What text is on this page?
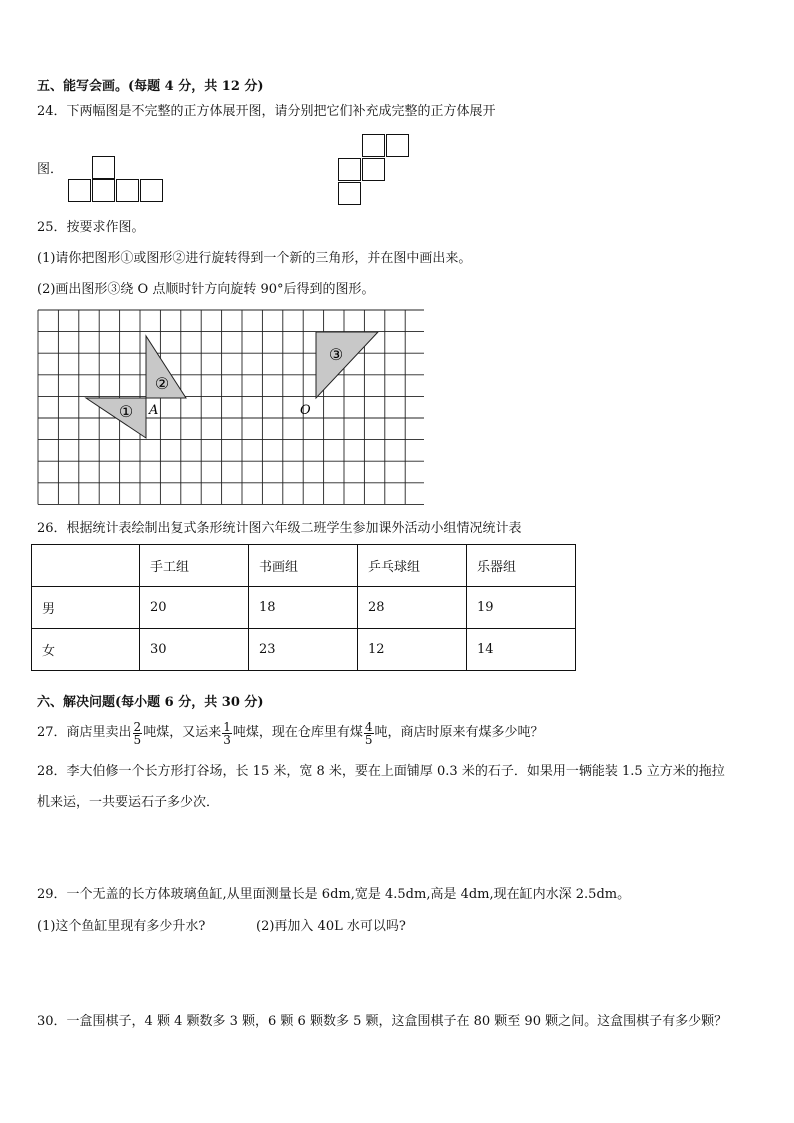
五、能写会画。(每题 4 分，共 12 分)
24．下两幅图是不完整的正方体展开图，请分别把它们补充成完整的正方体展开
图．
25．按要求作图。
(1)请你把图形①或图形②进行旋转得到一个新的三角形，并在图中画出来。
(2)画出图形③绕 O 点顺时针方向旋转 90°后得到的图形。
①
②
③
A	O
26．根据统计表绘制出复式条形统计图六年级二班学生参加课外活动小组情况统计表
	手工组	书画组	乒乓球组	乐器组
男	20	18	28	19
女	30	23	12	14
六、解决问题(每小题 6 分，共 30 分)
27．商店里卖出 $\frac{2}{5}$ 吨煤，又运来 $\frac{1}{3}$ 吨煤，现在仓库里有煤 $\frac{4}{5}$ 吨，商店时原来有煤多少吨？
28．李大伯修一个长方形打谷场，长 15 米，宽 8 米，要在上面铺厚 0.3 米的石子．如果用一辆能装 1.5 立方米的拖拉
机来运，一共要运石子多少次．
29．一个无盖的长方体玻璃鱼缸,从里面测量长是 6dm,宽是 4.5dm,高是 4dm,现在缸内水深 2.5dm。
(1)这个鱼缸里现有多少升水?	(2)再加入 40L 水可以吗?
30．一盒围棋子，4 颗 4 颗数多 3 颗，6 颗 6 颗数多 5 颗，这盒围棋子在 80 颗至 90 颗之间。这盒围棋子有多少颗？
